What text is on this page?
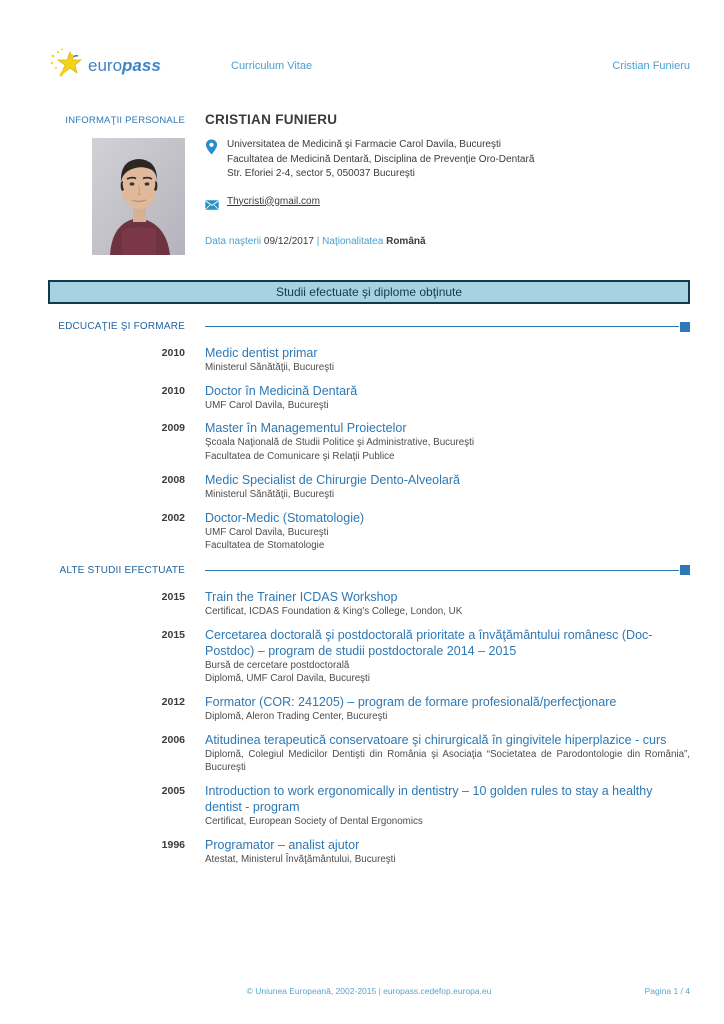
europass	Curriculum Vitae	Cristian Funieru
INFORMAŢII PERSONALE	CRISTIAN FUNIERU
Universitatea de Medicină şi Farmacie Carol Davila, Bucureşti
Facultatea de Medicină Dentară, Disciplina de Prevenţie Oro-Dentară
Str. Eforiei 2-4, sector 5, 050037 Bucureşti
Thycristi@gmail.com
Data naşterii 09/12/2017 | Naţionalitatea Română
Studii efectuate şi diplome obţinute
EDCUCAŢIE ŞI FORMARE
2010	Medic dentist primar
Ministerul Sănătăţii, Bucureşti
2010	Doctor în Medicină Dentară
UMF Carol Davila, Bucureşti
2009	Master în Managementul Proiectelor
Şcoala Naţională de Studii Politice şi Administrative, Bucureşti
Facultatea de Comunicare şi Relaţii Publice
2008	Medic Specialist de Chirurgie Dento-Alveolară
Ministerul Sănătăţii, Bucureşti
2002	Doctor-Medic (Stomatologie)
UMF Carol Davila, Bucureşti
Facultatea de Stomatologie
ALTE STUDII EFECTUATE
2015	Train the Trainer ICDAS Workshop
Certificat, ICDAS Foundation & King's College, London, UK
2015	Cercetarea doctorală şi postdoctorală prioritate a învăţământului românesc (Doc-Postdoc) – program de studii postdoctorale 2014 – 2015
Bursă de cercetare postdoctorală
Diplomă, UMF Carol Davila, Bucureşti
2012	Formator (COR: 241205) – program de formare profesională/perfecţionare
Diplomă, Aleron Trading Center, Bucureşti
2006	Atitudinea terapeutică conservatoare şi chirurgicală în gingivitele hiperplazice - curs
Diplomă, Colegiul Medicilor Dentişti din România şi Asociaţia “Societatea de Parodontologie din România”, Bucureşti
2005	Introduction to work ergonomically in dentistry – 10 golden rules to stay a healthy dentist - program
Certificat, European Society of Dental Ergonomics
1996	Programator – analist ajutor
Atestat, Ministerul Învăţământului, Bucureşti
© Uniunea Europeană, 2002-2015 | europass.cedefop.europa.eu	Pagina 1 / 4
